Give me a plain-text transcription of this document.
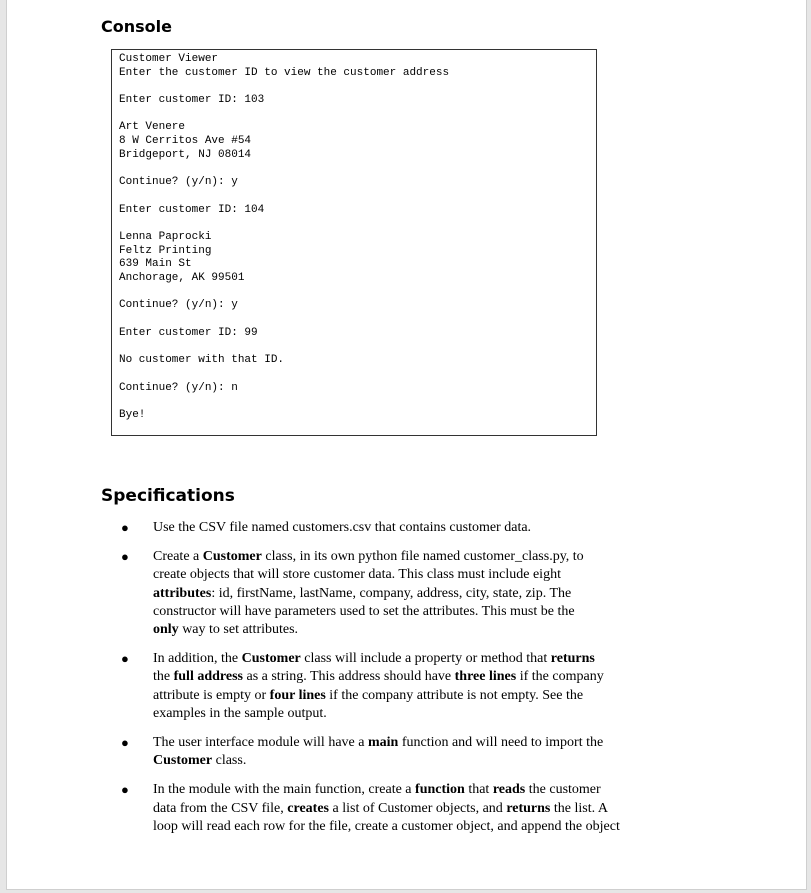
Console
Customer Viewer
Enter the customer ID to view the customer address
Enter customer ID: 103
Art Venere
8 W Cerritos Ave #54
Bridgeport, NJ 08014
Continue? (y/n): y
Enter customer ID: 104
Lenna Paprocki
Feltz Printing
639 Main St
Anchorage, AK 99501
Continue? (y/n): y
Enter customer ID: 99
No customer with that ID.
Continue? (y/n): n
Bye!
Specifications
● Use the CSV file named customers.csv that contains customer data.
● Create a Customer class, in its own python file named customer_class.py, to
create objects that will store customer data. This class must include eight
attributes: id, firstName, lastName, company, address, city, state, zip. The
constructor will have parameters used to set the attributes. This must be the
only way to set attributes.
● In addition, the Customer class will include a property or method that returns
the full address as a string. This address should have three lines if the company
attribute is empty or four lines if the company attribute is not empty. See the
examples in the sample output.
● The user interface module will have a main function and will need to import the
Customer class.
● In the module with the main function, create a function that reads the customer
data from the CSV file, creates a list of Customer objects, and returns the list. A
loop will read each row for the file, create a customer object, and append the object
